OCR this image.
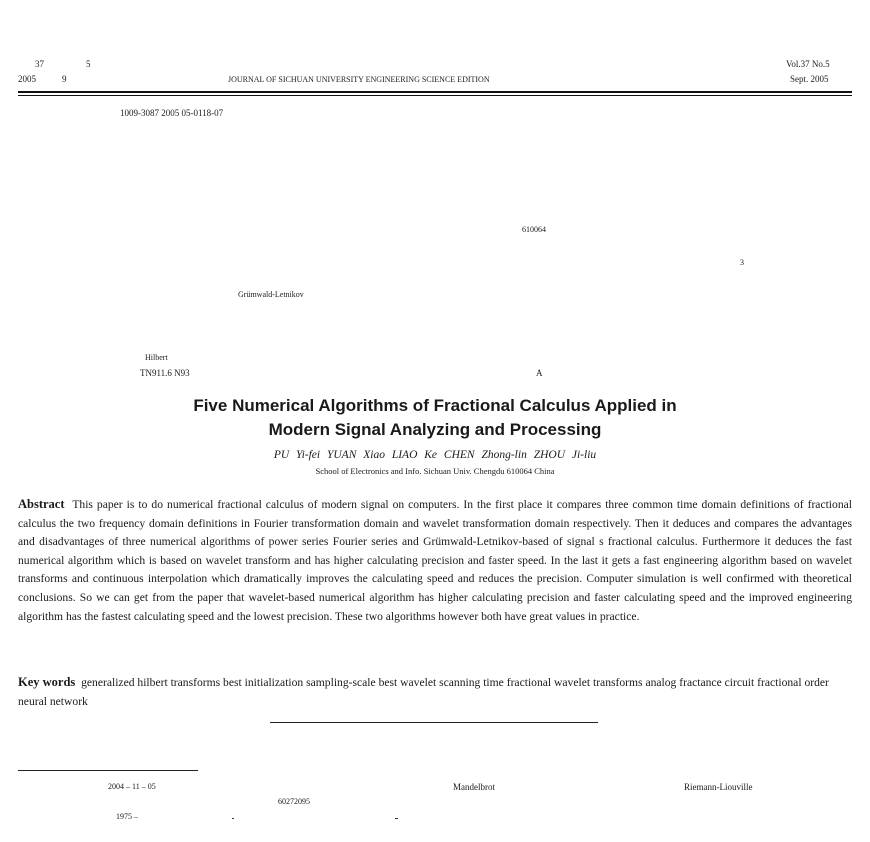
37	5
2005	9	JOURNAL OF SICHUAN UNIVERSITY ENGINEERING SCIENCE EDITION
Vol.37 No.5
Sept. 2005
1009-3087 2005 05-0118-07
610064
3
Grümwald-Letnikov
Hilbert
TN911.6 N93	A
Five Numerical Algorithms of Fractional Calculus Applied in
Modern Signal Analyzing and Processing
PU Yi-fei YUAN Xiao LIAO Ke CHEN Zhong-lin ZHOU Ji-liu
School of Electronics and Info. Sichuan Univ. Chengdu 610064 China
Abstract This paper is to do numerical fractional calculus of modern signal on computers. In the first place it compares three common time domain definitions of fractional calculus the two frequency domain definitions in Fourier transformation domain and wavelet transformation domain respectively. Then it deduces and compares the advantages and disadvantages of three numerical algorithms of power series Fourier series and Grümwald-Letnikov-based of signal s fractional calculus. Furthermore it deduces the fast numerical algorithm which is based on wavelet transform and has higher calculating precision and faster speed. In the last it gets a fast engineering algorithm based on wavelet transforms and continuous interpolation which dramatically improves the calculating speed and reduces the precision. Computer simulation is well confirmed with theoretical conclusions. So we can get from the paper that wavelet-based numerical algorithm has higher calculating precision and faster calculating speed and the improved engineering algorithm has the fastest calculating speed and the lowest precision. These two algorithms however both have great values in practice.
Key words generalized hilbert transforms best initialization sampling-scale best wavelet scanning time fractional wavelet transforms analog fractance circuit fractional order neural network
2004 – 11 – 05	Mandelbrot	Riemann-Liouville
60272095
1975 –
